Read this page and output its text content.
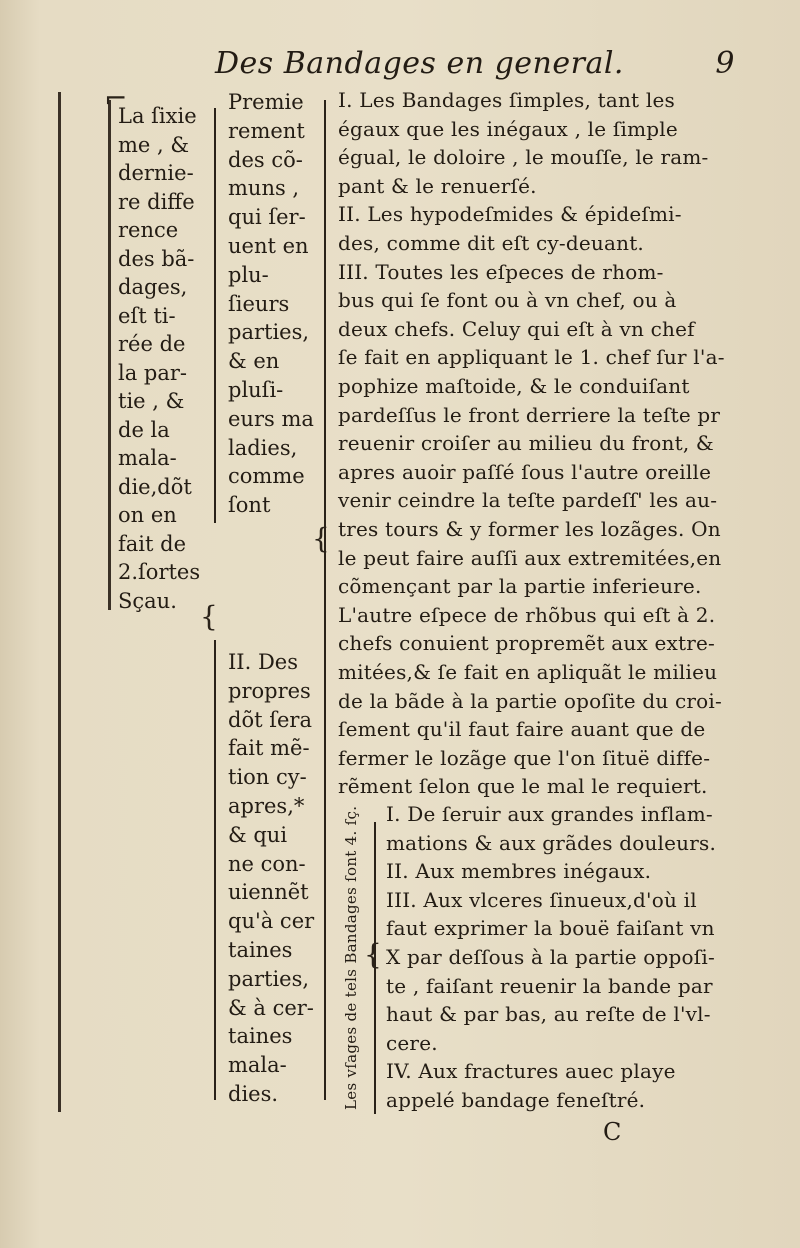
Des Bandages en general.	9
La ſixie
me , &
dernie-
re diffe
rence
des bã-
dages,
eſt ti-
rée de
la par-
tie , &
de la
mala-
die,dõt
on en
fait de
2.ſortes
Sçau.
⌐
{
Premie
rement
des cõ-
muns ,
qui ſer-
uent en
plu-
ſieurs
parties,
& en
pluſi-
eurs ma
ladies,
comme
ſont
II. Des
propres
dõt ſera
fait mẽ-
tion cy-
apres,*
& qui
ne con-
uiennẽt
qu'à cer
taines
parties,
& à cer-
taines
mala-
dies.
{
I. Les Bandages ſimples, tant les
égaux que les inégaux , le ſimple
égual, le doloire , le mouſſe, le ram-
pant & le renuerſé.
II. Les hypodeſmides & épideſmi-
des, comme dit eſt cy-deuant.
III. Toutes les eſpeces de rhom-
bus qui ſe font ou à vn chef, ou à
deux chefs. Celuy qui eſt à vn chef
ſe fait en appliquant le 1. chef ſur l'a-
pophize maſtoide, & le conduiſant
pardeſſus le front derriere la teſte pr
reuenir croiſer au milieu du front, &
apres auoir paſſé ſous l'autre oreille
venir ceindre la teſte pardeſſ' les au-
tres tours & y former les lozãges. On
le peut faire auſſi aux extremitées,en
cõmençant par la partie inferieure.
L'autre eſpece de rhõbus qui eſt à 2.
chefs conuient propremẽt aux extre-
mitées,& ſe fait en apliquãt le milieu
de la bãde à la partie opoſite du croi-
ſement qu'il faut faire auant que de
fermer le lozãge que l'on ſituë diffe-
rẽment ſelon que le mal le requiert.
I. De ſeruir aux grandes inflam-
mations & aux grãdes douleurs.
II. Aux membres inégaux.
III. Aux vlceres ſinueux,d'où il
faut exprimer la bouë faiſant vn
X par deſſous à la partie oppoſi-
te , faiſant reuenir la bande par
haut & par bas, au reſte de l'vl-
cere.
IV. Aux fractures auec playe
appelé bandage feneſtré.
{
Les vſages de tels Bandages ſont 4. ſç.
C
